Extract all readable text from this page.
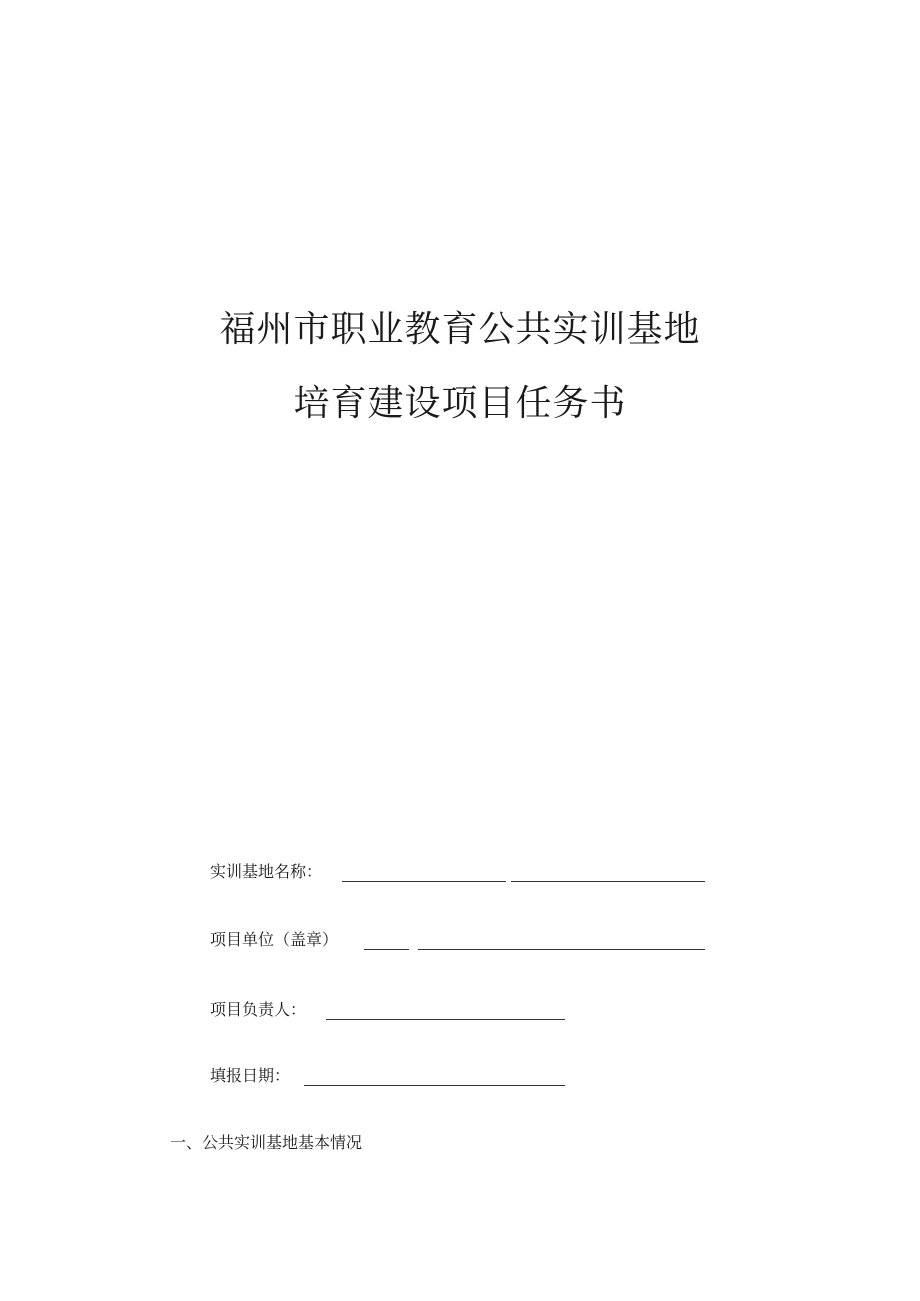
福州市职业教育公共实训基地
培育建设项目任务书
实训基地名称：
项目单位（盖章）
项目负责人：
填报日期：
一、公共实训基地基本情况
